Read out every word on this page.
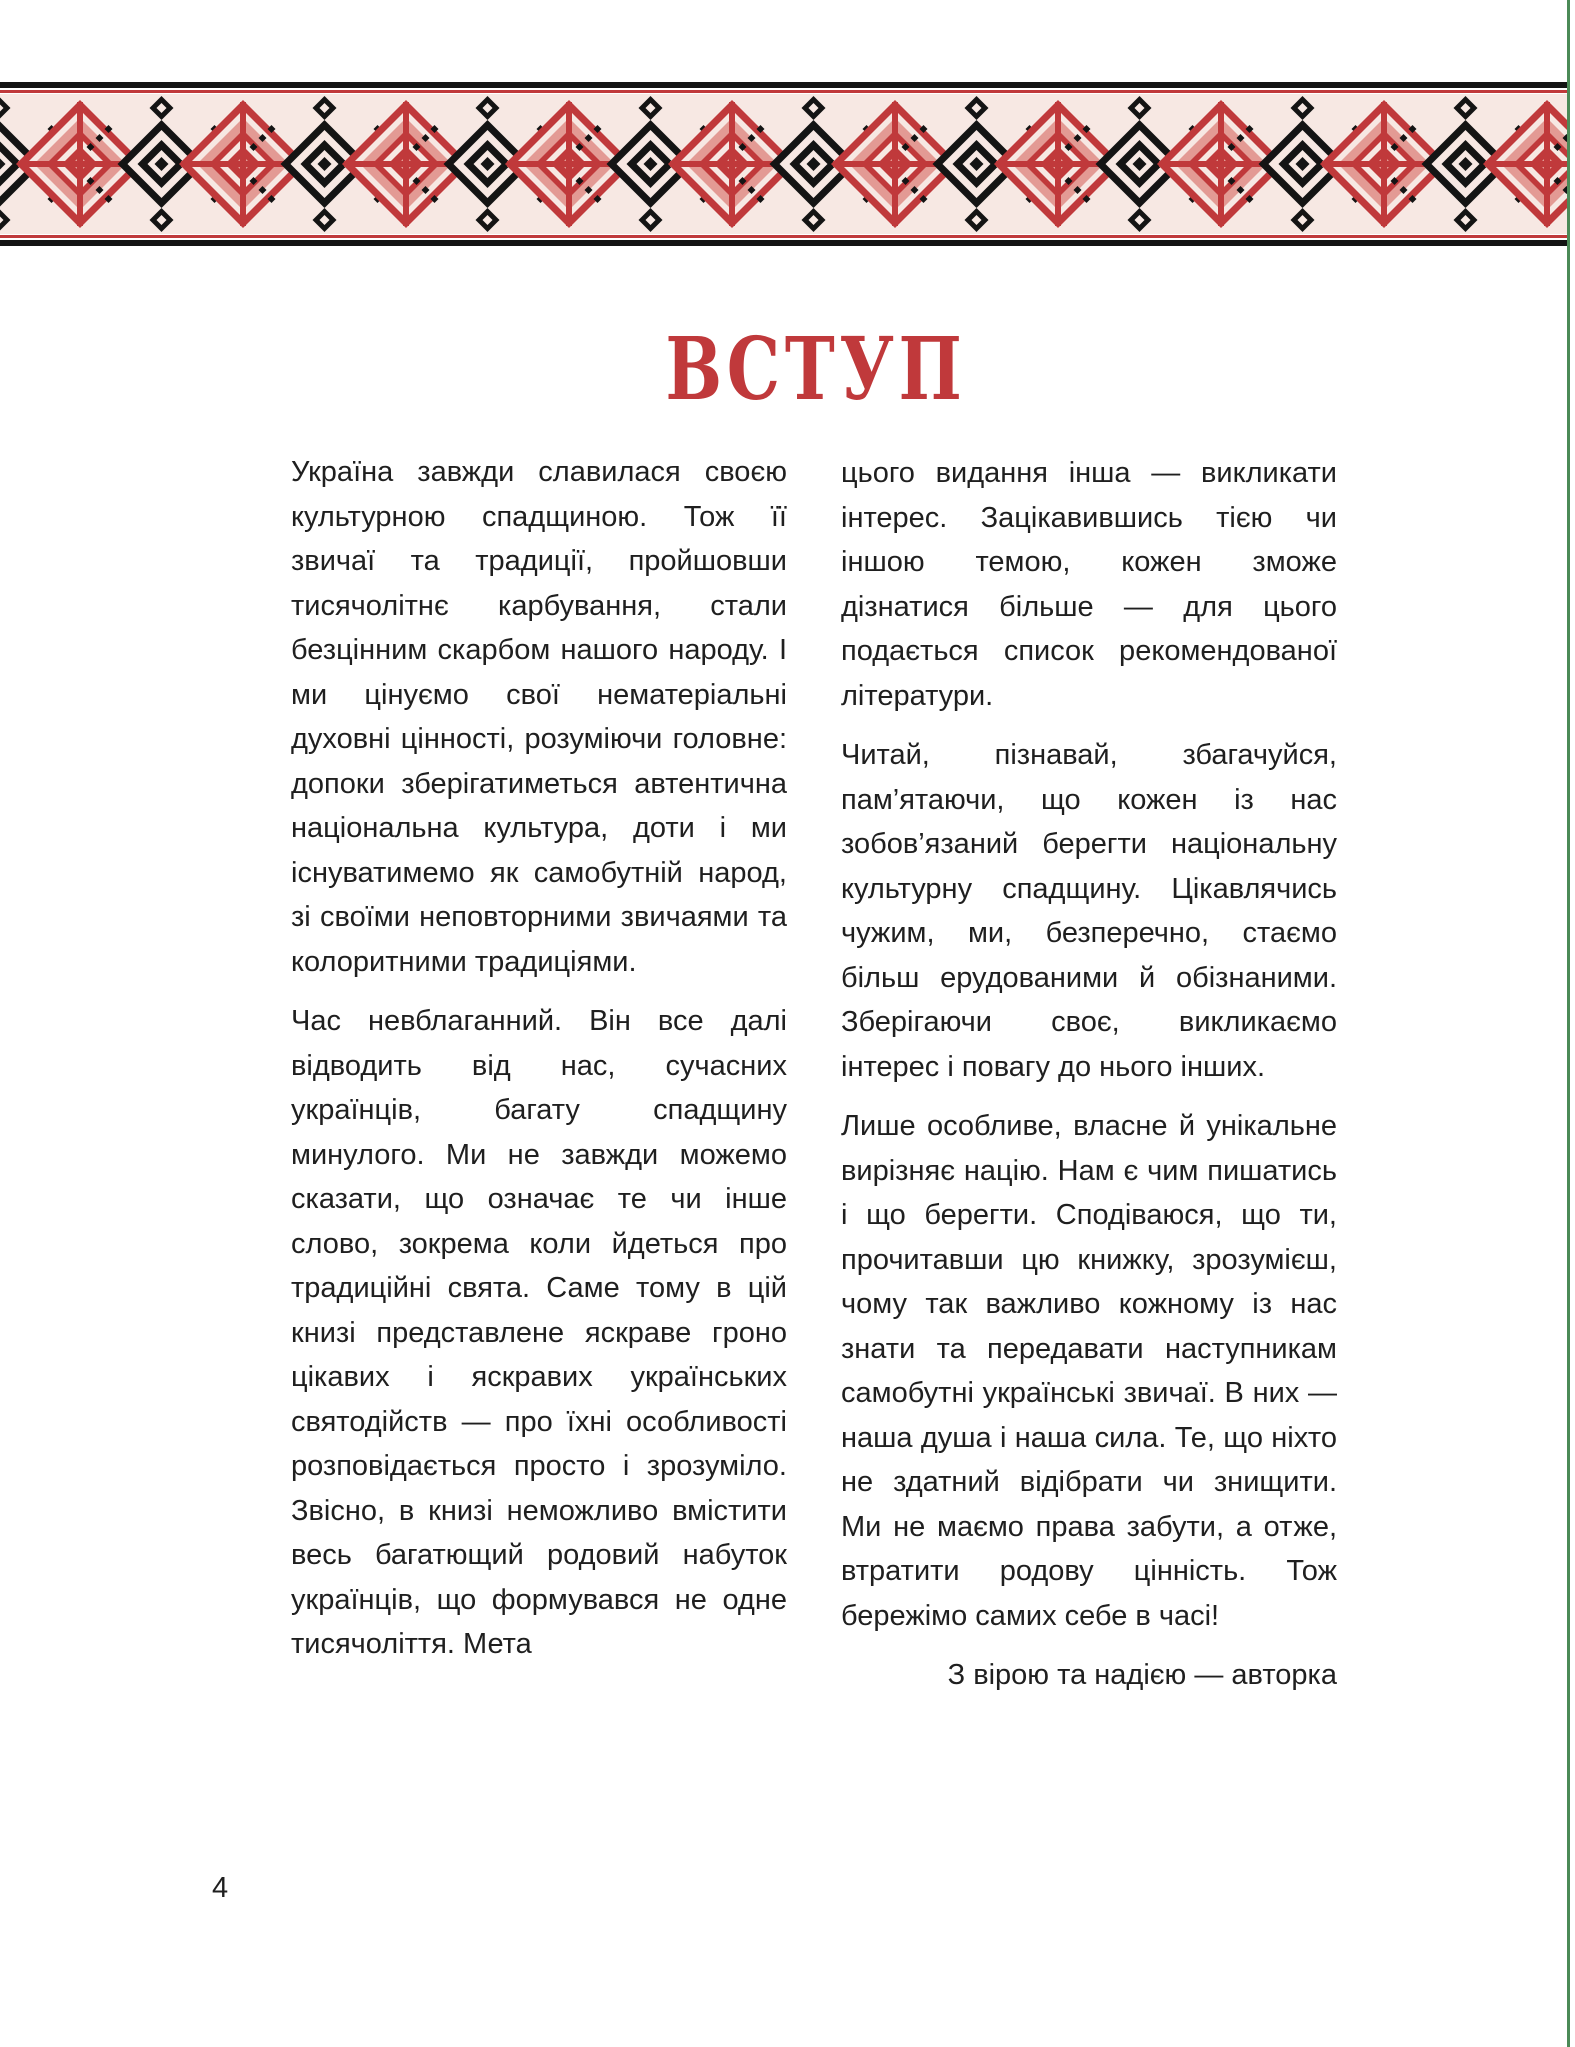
ВСТУП

Україна завжди славилася своєю культурною спадщиною. Тож її звичаї та традиції, пройшовши тисячолітнє карбування, стали безцінним скарбом нашого народу. І ми цінуємо свої нематеріальні духовні цінності, розуміючи головне: допоки зберігатиметься автентична національна культура, доти і ми існуватимемо як самобутній народ, зі своїми неповторними звичаями та колоритними традиціями.

Час невблаганний. Він все далі відводить від нас, сучасних українців, багату спадщину минулого. Ми не завжди можемо сказати, що означає те чи інше слово, зокрема коли йдеться про традиційні свята. Саме тому в цій книзі представлене яскраве гроно цікавих і яскравих українських святодійств — про їхні особливості розповідається просто і зрозуміло. Звісно, в книзі неможливо вмістити весь багатющий родовий набуток українців, що формувався не одне тисячоліття. Мета

цього видання інша — викликати інтерес. Зацікавившись тією чи іншою темою, кожен зможе дізнатися більше — для цього подається список рекомендованої літератури.

Читай, пізнавай, збагачуйся, пам’ятаючи, що кожен із нас зобов’язаний берегти національну культурну спадщину. Цікавлячись чужим, ми, безперечно, стаємо більш ерудованими й обізнаними. Зберігаючи своє, викликаємо інтерес і повагу до нього інших.

Лише особливе, власне й унікальне вирізняє націю. Нам є чим пишатись і що берегти. Сподіваюся, що ти, прочитавши цю книжку, зрозумієш, чому так важливо кожному із нас знати та передавати наступникам самобутні українські звичаї. В них — наша душа і наша сила. Те, що ніхто не здатний відібрати чи знищити. Ми не маємо права забути, а отже, втратити родову цінність. Тож бережімо самих себе в часі!

З вірою та надією — авторка

4
